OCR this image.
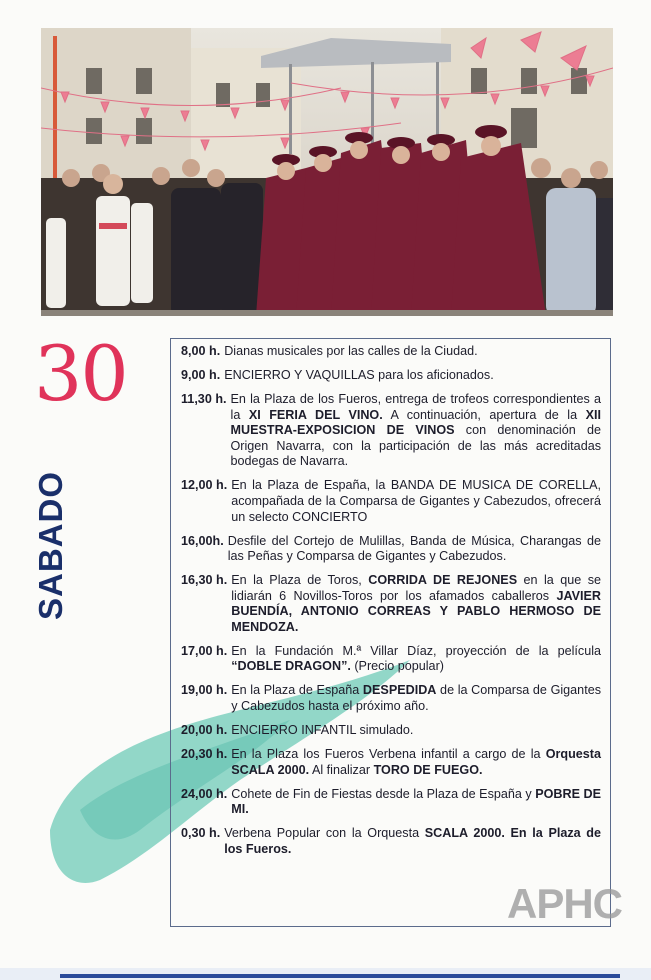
30
SABADO
8,00 h. Dianas musicales por las calles de la Ciudad.
9,00 h. ENCIERRO Y VAQUILLAS para los aficionados.
11,30 h. En la Plaza de los Fueros, entrega de trofeos correspondientes a la XI FERIA DEL VINO. A continuación, apertura de la XII MUESTRA-EXPOSICION DE VINOS con denominación de Origen Navarra, con la participación de las más acreditadas bodegas de Navarra.
12,00 h. En la Plaza de España, la BANDA DE MUSICA DE CORELLA, acompañada de la Comparsa de Gigantes y Cabezudos, ofrecerá un selecto CONCIERTO
16,00h. Desfile del Cortejo de Mulillas, Banda de Música, Charangas de las Peñas y Comparsa de Gigantes y Cabezudos.
16,30 h. En la Plaza de Toros, CORRIDA DE REJONES en la que se lidiarán 6 Novillos-Toros por los afamados caballeros JAVIER BUENDÍA, ANTONIO CORREAS Y PABLO HERMOSO DE MENDOZA.
17,00 h. En la Fundación M.ª Villar Díaz, proyección de la película “DOBLE DRAGON”. (Precio popular)
19,00 h. En la Plaza de España DESPEDIDA de la Comparsa de Gigantes y Cabezudos hasta el próximo año.
20,00 h. ENCIERRO INFANTIL simulado.
20,30 h. En la Plaza los Fueros Verbena infantil a cargo de la Orquesta SCALA 2000. Al finalizar TORO DE FUEGO.
24,00 h. Cohete de Fin de Fiestas desde la Plaza de España y POBRE DE MI.
0,30 h. Verbena Popular con la Orquesta SCALA 2000. En la Plaza de los Fueros.
APHC
